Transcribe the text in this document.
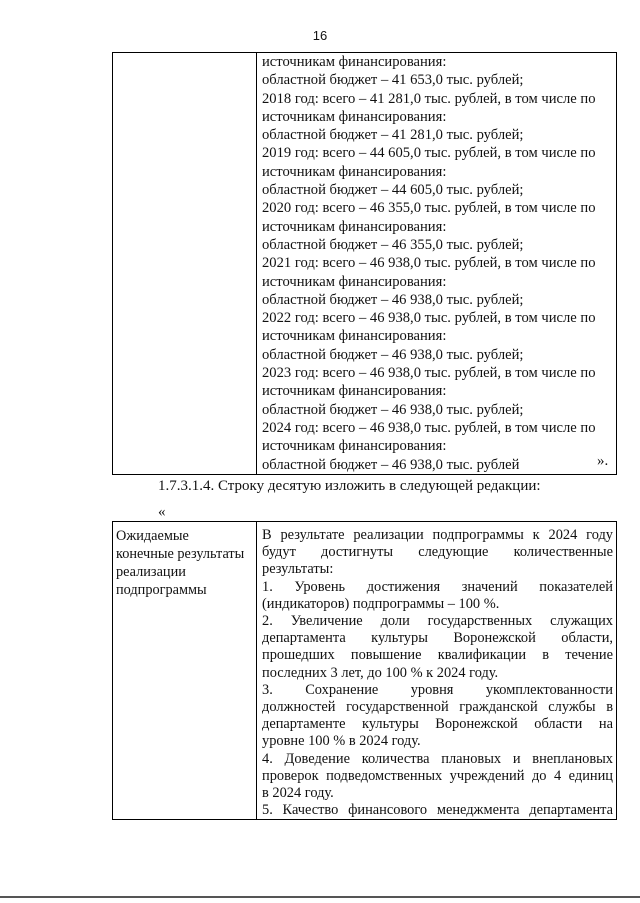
16

источникам финансирования:
областной бюджет – 41 653,0 тыс. рублей;
2018 год: всего – 41 281,0 тыс. рублей, в том числе по
источникам финансирования:
областной бюджет – 41 281,0 тыс. рублей;
2019 год: всего – 44 605,0 тыс. рублей, в том числе по
источникам финансирования:
областной бюджет – 44 605,0 тыс. рублей;
2020 год: всего – 46 355,0 тыс. рублей, в том числе по
источникам финансирования:
областной бюджет – 46 355,0 тыс. рублей;
2021 год: всего – 46 938,0 тыс. рублей, в том числе по
источникам финансирования:
областной бюджет – 46 938,0 тыс. рублей;
2022 год: всего – 46 938,0 тыс. рублей, в том числе по
источникам финансирования:
областной бюджет – 46 938,0 тыс. рублей;
2023 год: всего – 46 938,0 тыс. рублей, в том числе по
источникам финансирования:
областной бюджет – 46 938,0 тыс. рублей;
2024 год: всего – 46 938,0 тыс. рублей, в том числе по
источникам финансирования:
областной бюджет – 46 938,0 тыс. рублей	».
1.7.3.1.4. Строку десятую изложить в следующей редакции:
«
Ожидаемые
конечные результаты
реализации
подпрограммы

В результате реализации подпрограммы к 2024 году
будут достигнуты следующие количественные
результаты:
1. Уровень достижения значений показателей
(индикаторов) подпрограммы – 100 %.
2. Увеличение доли государственных служащих
департамента культуры Воронежской области,
прошедших повышение квалификации в течение
последних 3 лет, до 100 % к 2024 году.
3. Сохранение уровня укомплектованности
должностей государственной гражданской службы в
департаменте культуры Воронежской области на
уровне 100 % в 2024 году.
4. Доведение количества плановых и внеплановых
проверок подведомственных учреждений до 4 единиц
в 2024 году.
5. Качество финансового менеджмента департамента
